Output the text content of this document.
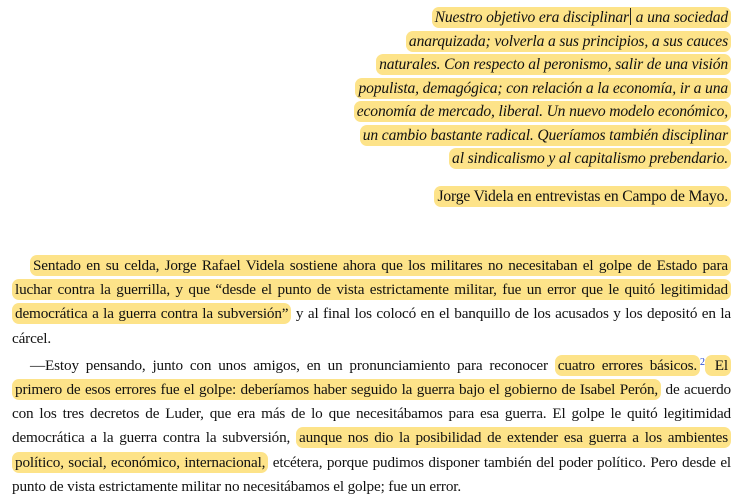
Nuestro objetivo era disciplinar a una sociedad
anarquizada; volverla a sus principios, a sus cauces
naturales. Con respecto al peronismo, salir de una visión
populista, demagógica; con relación a la economía, ir a una
economía de mercado, liberal. Un nuevo modelo económico,
un cambio bastante radical. Queríamos también disciplinar
al sindicalismo y al capitalismo prebendario.
Jorge Videla en entrevistas en Campo de Mayo.

Sentado en su celda, Jorge Rafael Videla sostiene ahora que los militares no necesitaban el golpe de Estado para luchar contra la guerrilla, y que “desde el punto de vista estrictamente militar, fue un error que le quitó legitimidad democrática a la guerra contra la subversión” y al final los colocó en el banquillo de los acusados y los depositó en la cárcel.

—Estoy pensando, junto con unos amigos, en un pronunciamiento para reconocer cuatro errores básicos. $^2$ El primero de esos errores fue el golpe: deberíamos haber seguido la guerra bajo el gobierno de Isabel Perón, de acuerdo con los tres decretos de Luder, que era más de lo que necesitábamos para esa guerra. El golpe le quitó legitimidad democrática a la guerra contra la subversión, aunque nos dio la posibilidad de extender esa guerra a los ambientes político, social, económico, internacional, etcétera, porque pudimos disponer también del poder político. Pero desde el punto de vista estrictamente militar no necesitábamos el golpe; fue un error.
